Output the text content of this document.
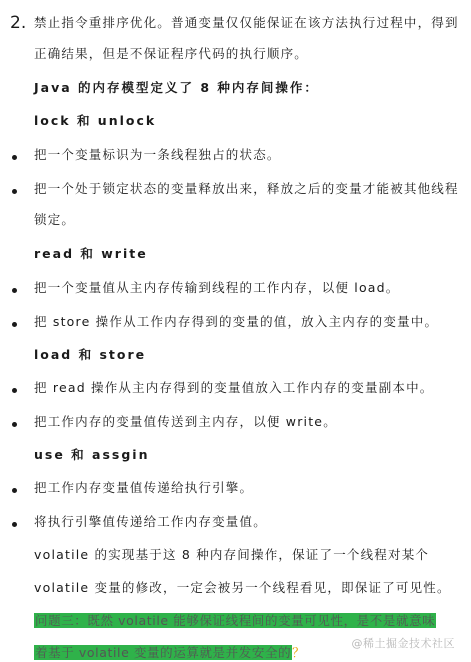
2. 禁止指令重排序优化。普通变量仅仅能保证在该方法执行过程中，得到
正确结果，但是不保证程序代码的执行顺序。
Java 的内存模型定义了 8 种内存间操作：
lock 和 unlock
把一个变量标识为一条线程独占的状态。
把一个处于锁定状态的变量释放出来，释放之后的变量才能被其他线程
锁定。
read 和 write
把一个变量值从主内存传输到线程的工作内存，以便 load。
把 store 操作从工作内存得到的变量的值，放入主内存的变量中。
load 和 store
把 read 操作从主内存得到的变量值放入工作内存的变量副本中。
把工作内存的变量值传送到主内存，以便 write。
use 和 assgin
把工作内存变量值传递给执行引擎。
将执行引擎值传递给工作内存变量值。
volatile 的实现基于这 8 种内存间操作，保证了一个线程对某个
volatile 变量的修改，一定会被另一个线程看见，即保证了可见性。
问题三：既然 volatile 能够保证线程间的变量可见性，是不是就意味
着基于 volatile 变量的运算就是并发安全的？
@稀土掘金技术社区
